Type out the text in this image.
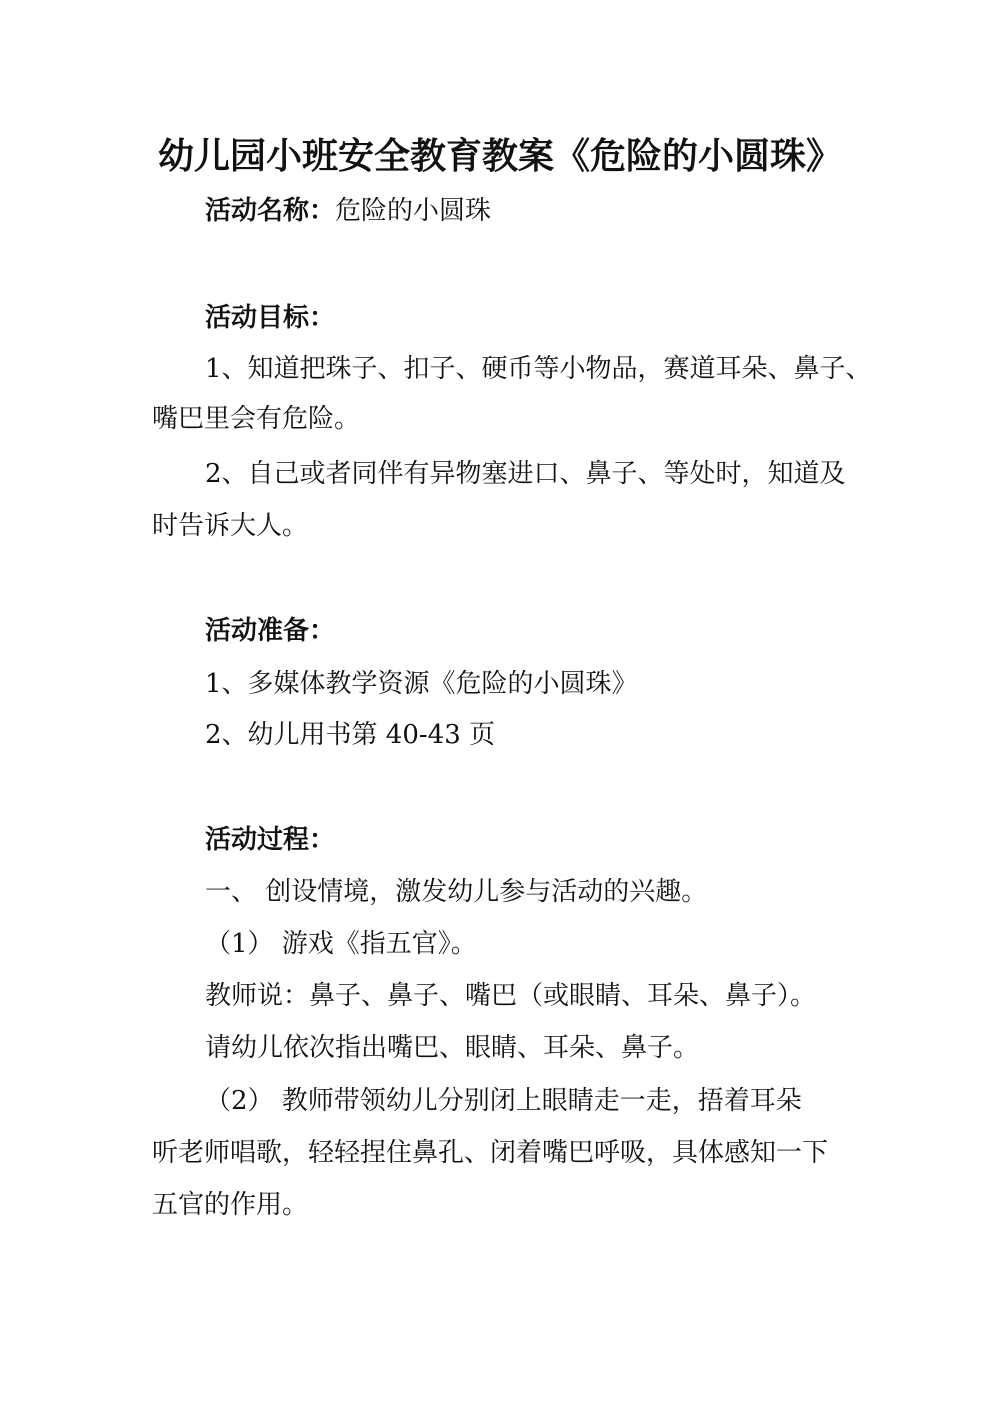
幼儿园小班安全教育教案《危险的小圆珠》

活动名称：危险的小圆珠

活动目标：

1、知道把珠子、扣子、硬币等小物品，赛道耳朵、鼻子、

嘴巴里会有危险。

2、自己或者同伴有异物塞进口、鼻子、等处时，知道及

时告诉大人。

活动准备：

1、多媒体教学资源《危险的小圆珠》

2、幼儿用书第 40-43 页

活动过程：

一、 创设情境，激发幼儿参与活动的兴趣。

（1） 游戏《指五官》。

教师说：鼻子、鼻子、嘴巴（或眼睛、耳朵、鼻子）。

请幼儿依次指出嘴巴、眼睛、耳朵、鼻子。

（2） 教师带领幼儿分别闭上眼睛走一走，捂着耳朵

听老师唱歌，轻轻捏住鼻孔、闭着嘴巴呼吸，具体感知一下

五官的作用。
